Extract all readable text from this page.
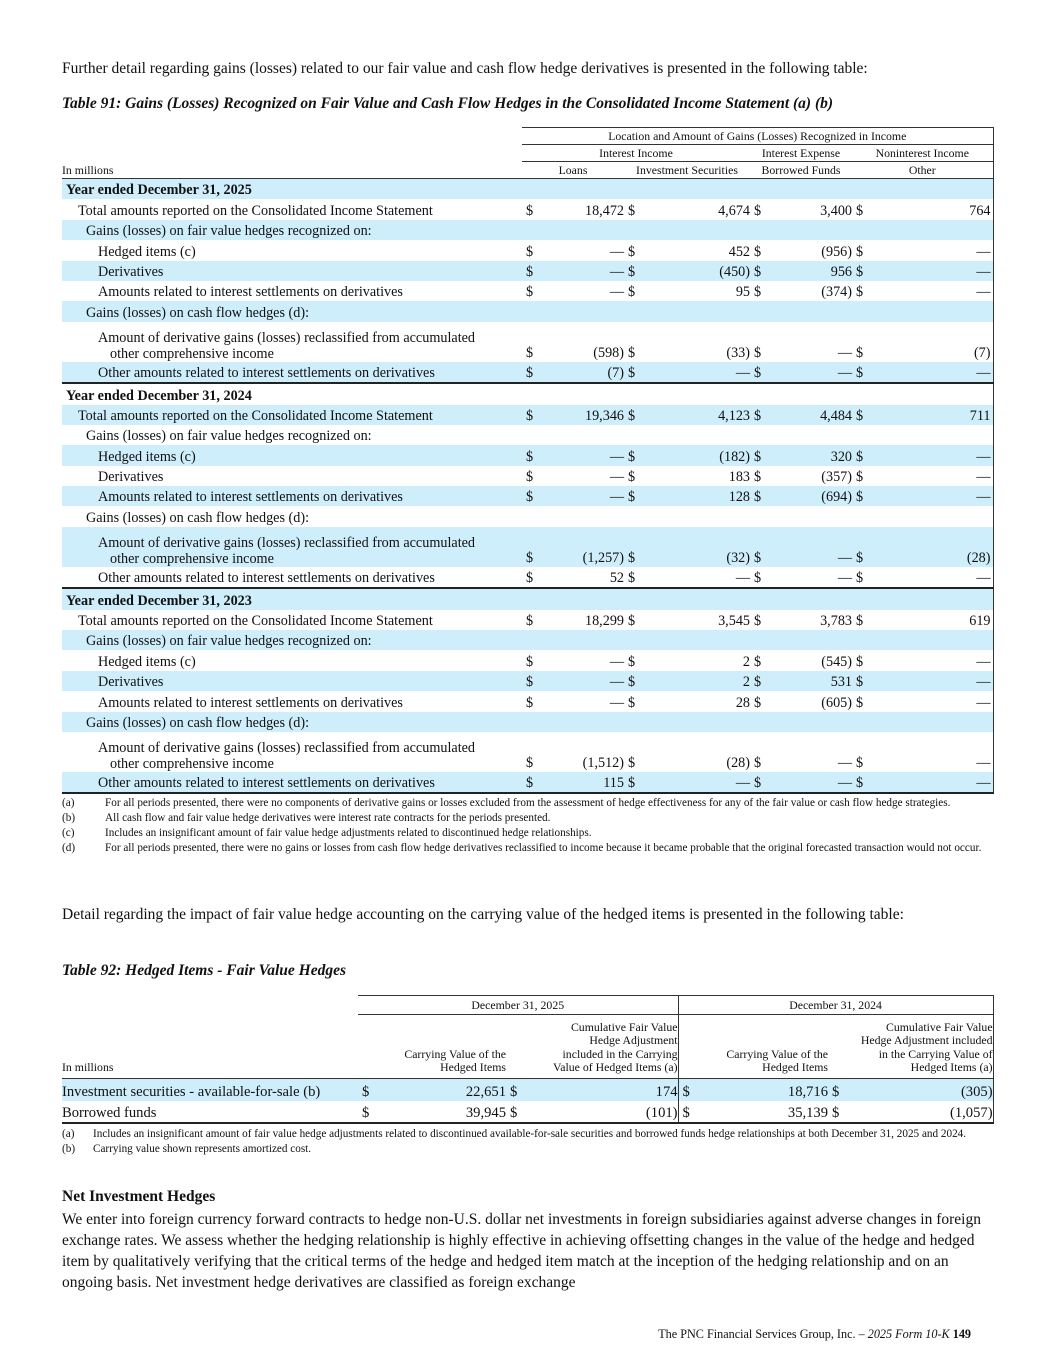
Further detail regarding gains (losses) related to our fair value and cash flow hedge derivatives is presented in the following table:
Table 91: Gains (Losses) Recognized on Fair Value and Cash Flow Hedges in the Consolidated Income Statement (a) (b)
	Location and Amount of Gains (Losses) Recognized in Income							
	Interest Income				Interest Expense		Noninterest Income	
In millions	Loans		Investment Securities		Borrowed Funds		Other	
Year ended December 31, 2025								
Total amounts reported on the Consolidated Income Statement	$	18,472	$	4,674	$	3,400	$	764
Gains (losses) on fair value hedges recognized on:								
Hedged items (c)	$	—	$	452	$	(956)	$	—
Derivatives	$	—	$	(450)	$	956	$	—
Amounts related to interest settlements on derivatives	$	—	$	95	$	(374)	$	—
Gains (losses) on cash flow hedges (d):								
Amount of derivative gains (losses) reclassified from accumulated
other comprehensive income	$	(598)	$	(33)	$	—	$	(7)
Other amounts related to interest settlements on derivatives	$	(7)	$	—	$	—	$	—
Year ended December 31, 2024								
Total amounts reported on the Consolidated Income Statement	$	19,346	$	4,123	$	4,484	$	711
Gains (losses) on fair value hedges recognized on:								
Hedged items (c)	$	—	$	(182)	$	320	$	—
Derivatives	$	—	$	183	$	(357)	$	—
Amounts related to interest settlements on derivatives	$	—	$	128	$	(694)	$	—
Gains (losses) on cash flow hedges (d):								
Amount of derivative gains (losses) reclassified from accumulated
other comprehensive income	$	(1,257)	$	(32)	$	—	$	(28)
Other amounts related to interest settlements on derivatives	$	52	$	—	$	—	$	—
Year ended December 31, 2023								
Total amounts reported on the Consolidated Income Statement	$	18,299	$	3,545	$	3,783	$	619
Gains (losses) on fair value hedges recognized on:								
Hedged items (c)	$	—	$	2	$	(545)	$	—
Derivatives	$	—	$	2	$	531	$	—
Amounts related to interest settlements on derivatives	$	—	$	28	$	(605)	$	—
Gains (losses) on cash flow hedges (d):								
Amount of derivative gains (losses) reclassified from accumulated
other comprehensive income	$	(1,512)	$	(28)	$	—	$	—
Other amounts related to interest settlements on derivatives	$	115	$	—	$	—	$	—
(a)	For all periods presented, there were no components of derivative gains or losses excluded from the assessment of hedge effectiveness for any of the fair value or cash flow hedge strategies.
(b)	All cash flow and fair value hedge derivatives were interest rate contracts for the periods presented.
(c)	Includes an insignificant amount of fair value hedge adjustments related to discontinued hedge relationships.
(d)	For all periods presented, there were no gains or losses from cash flow hedge derivatives reclassified to income because it became probable that the original forecasted transaction would not occur.
Detail regarding the impact of fair value hedge accounting on the carrying value of the hedged items is presented in the following table:
Table 92: Hedged Items - Fair Value Hedges
	December 31, 2025				December 31, 2024			
In millions	Carrying Value of the Hedged Items		Cumulative Fair Value Hedge Adjustment included in the Carrying Value of Hedged Items (a)		Carrying Value of the Hedged Items		Cumulative Fair Value Hedge Adjustment included in the Carrying Value of Hedged Items (a)	
Investment securities - available-for-sale (b)	$	22,651	$	174	$	18,716	$	(305)
Borrowed funds	$	39,945	$	(101)	$	35,139	$	(1,057)
(a)	Includes an insignificant amount of fair value hedge adjustments related to discontinued available-for-sale securities and borrowed funds hedge relationships at both December 31, 2025 and 2024.
(b)	Carrying value shown represents amortized cost.
Net Investment Hedges
We enter into foreign currency forward contracts to hedge non-U.S. dollar net investments in foreign subsidiaries against adverse changes in foreign exchange rates. We assess whether the hedging relationship is highly effective in achieving offsetting changes in the value of the hedge and hedged item by qualitatively verifying that the critical terms of the hedge and hedged item match at the inception of the hedging relationship and on an ongoing basis. Net investment hedge derivatives are classified as foreign exchange
The PNC Financial Services Group, Inc. – 2025 Form 10-K 149
